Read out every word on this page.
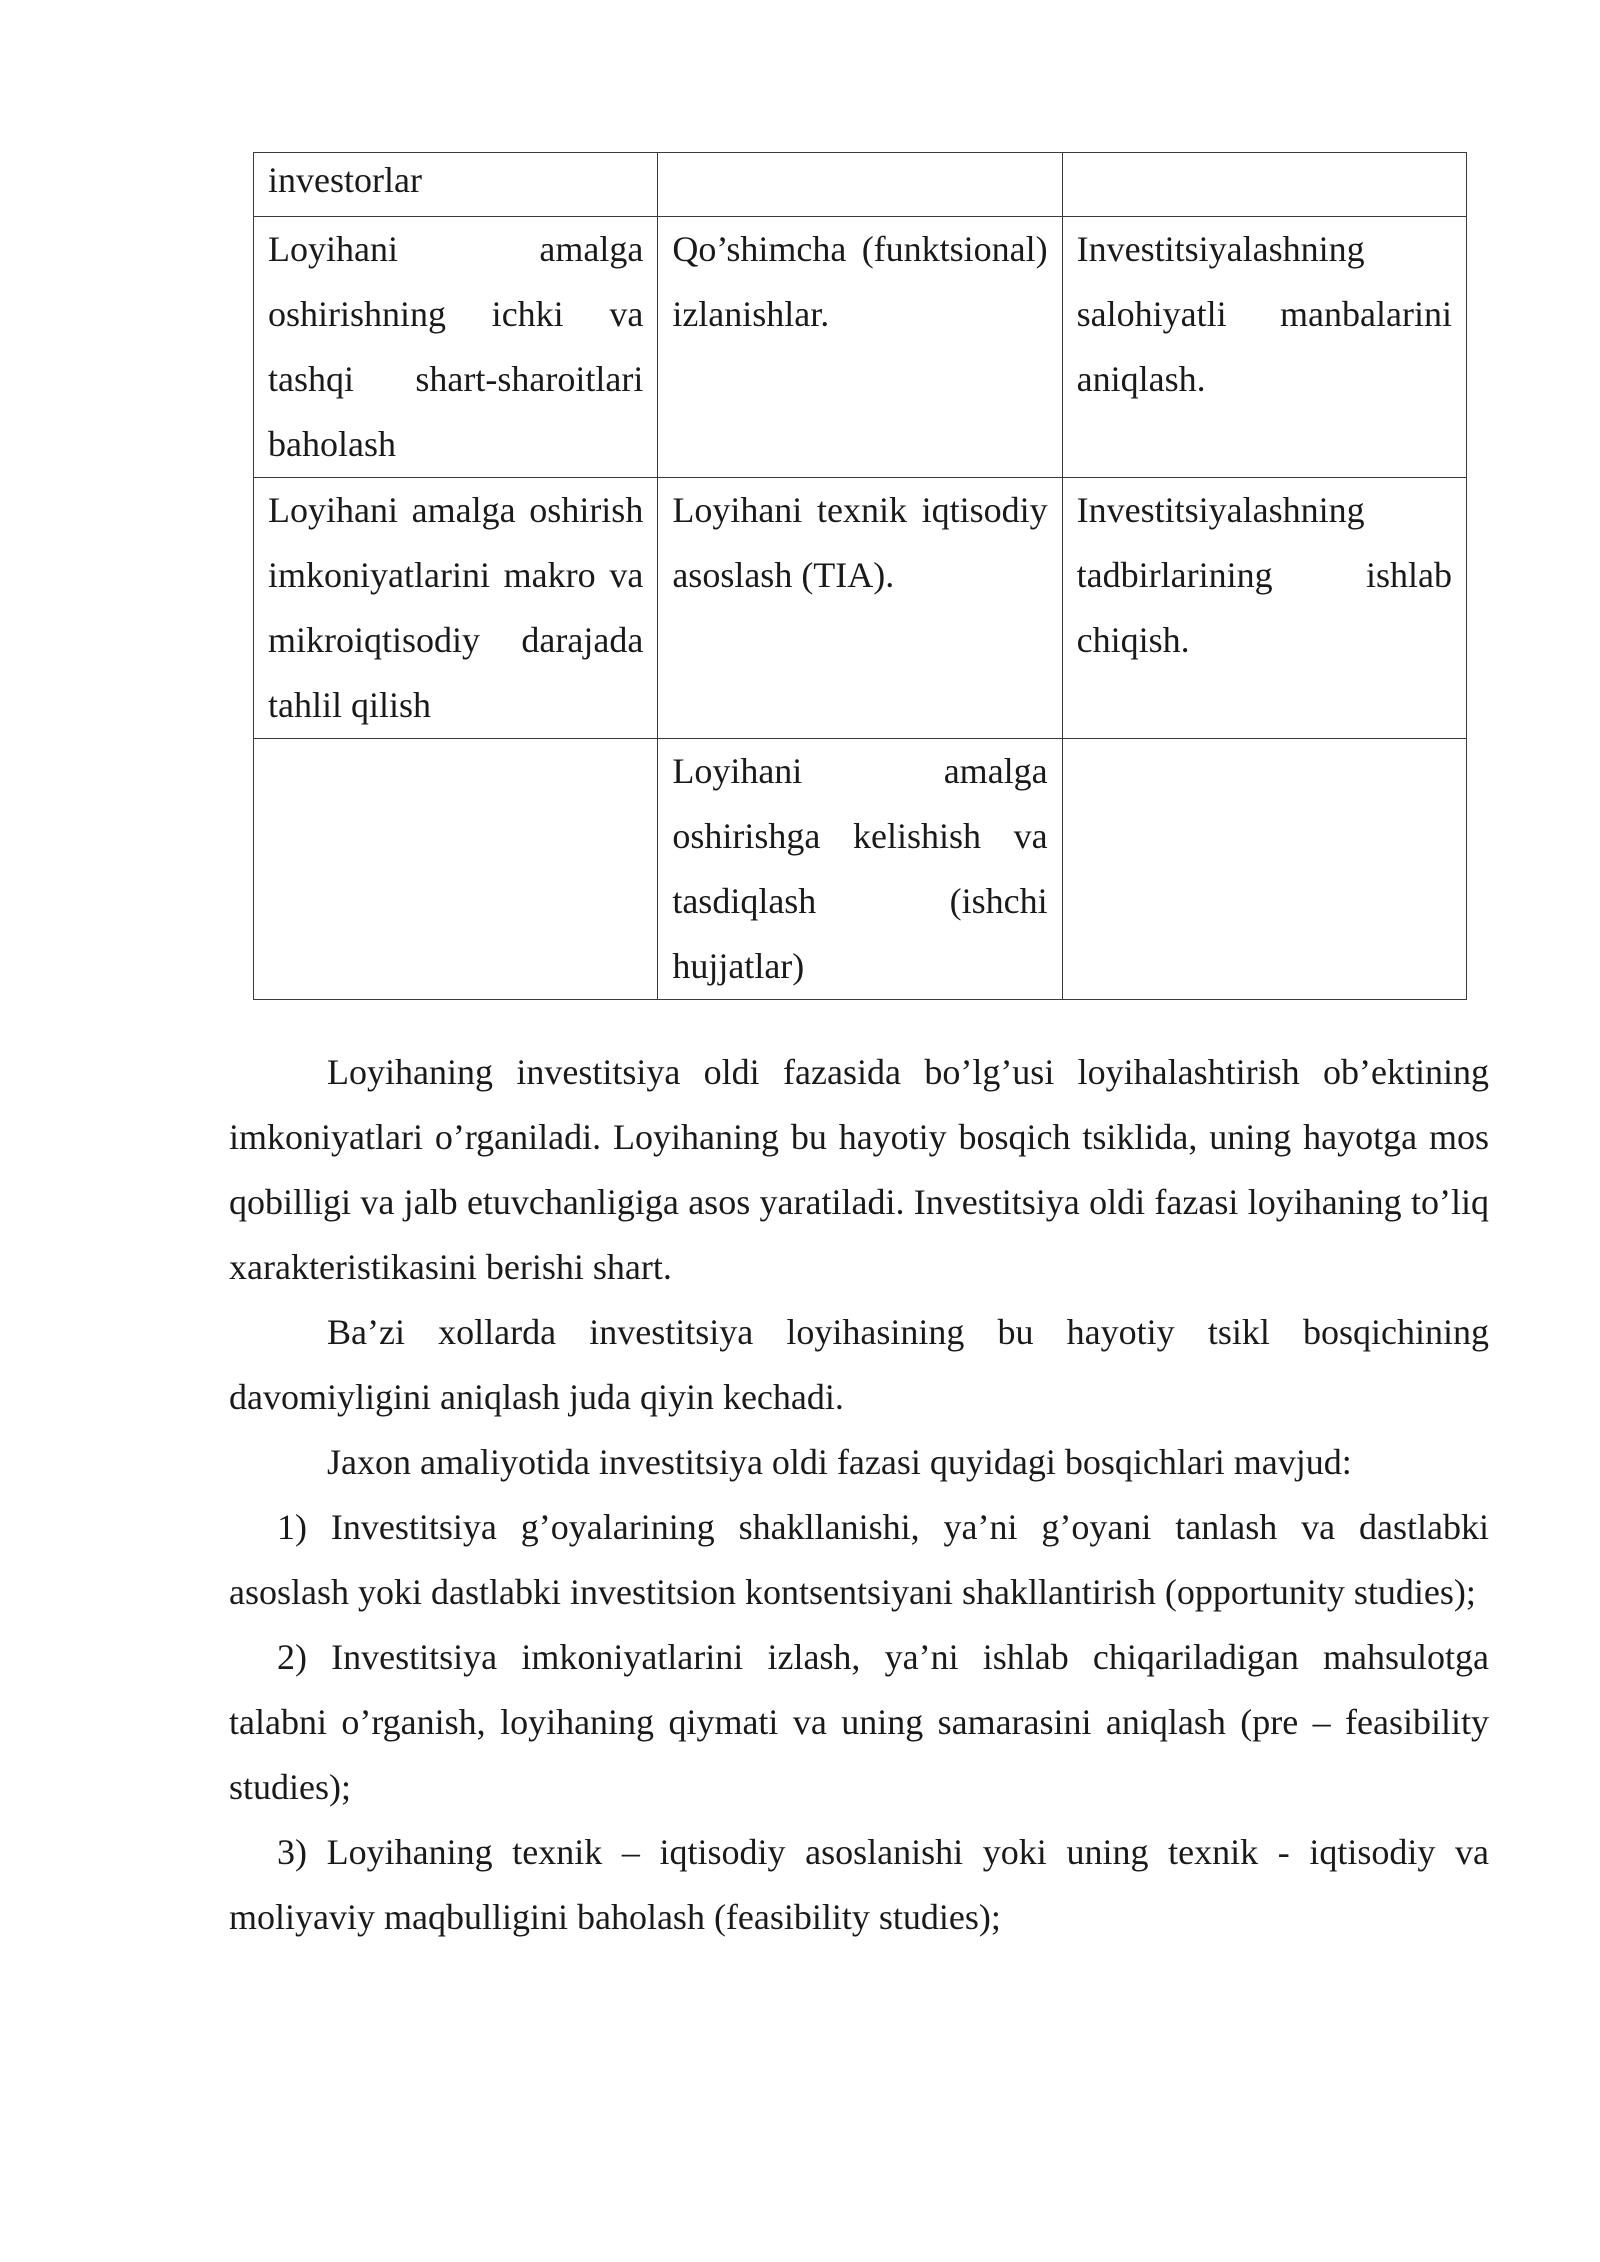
investorlar		

Loyihani amalga oshirishning ichki va tashqi shart-sharoitlari baholash	Qo’shimcha (funktsional) izlanishlar.	Investitsiyalashning salohiyatli manbalarini aniqlash.

Loyihani amalga oshirish imkoniyatlarini makro va mikroiqtisodiy darajada tahlil qilish	Loyihani texnik iqtisodiy asoslash (TIA).	Investitsiyalashning tadbirlarining ishlab chiqish.

	Loyihani amalga oshirishga kelishish va tasdiqlash (ishchi hujjatlar)	

Loyihaning investitsiya oldi fazasida bo’lg’usi loyihalashtirish ob’ektining imkoniyatlari o’rganiladi. Loyihaning bu hayotiy bosqich tsiklida, uning hayotga mos qobilligi va jalb etuvchanligiga asos yaratiladi. Investitsiya oldi fazasi loyihaning to’liq xarakteristikasini berishi shart.

Ba’zi xollarda investitsiya loyihasining bu hayotiy tsikl bosqichining davomiyligini aniqlash juda qiyin kechadi.

Jaxon amaliyotida investitsiya oldi fazasi quyidagi bosqichlari mavjud:

1) Investitsiya g’oyalarining shakllanishi, ya’ni g’oyani tanlash va dastlabki asoslash yoki dastlabki investitsion kontsentsiyani shakllantirish (opportunity studies);

2) Investitsiya imkoniyatlarini izlash, ya’ni ishlab chiqariladigan mahsulotga talabni o’rganish, loyihaning qiymati va uning samarasini aniqlash (pre – feasibility studies);

3) Loyihaning texnik – iqtisodiy asoslanishi yoki uning texnik - iqtisodiy va moliyaviy maqbulligini baholash (feasibility studies);
